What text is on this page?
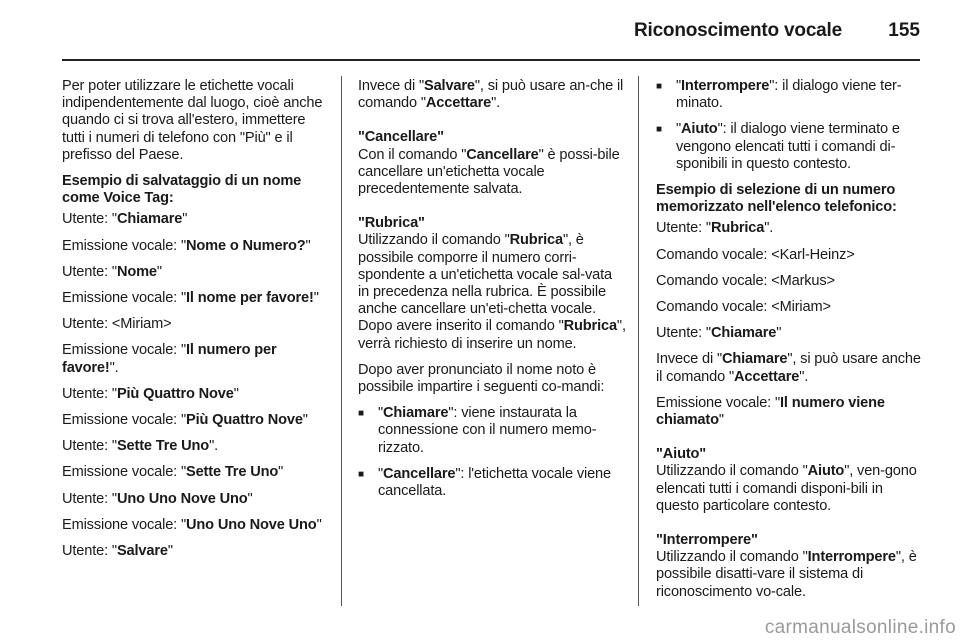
Riconoscimento vocale	155

Per poter utilizzare le etichette vocali indipendentemente dal luogo, cioè anche quando ci si trova all'estero, immettere tutti i numeri di telefono con "Più" e il prefisso del Paese.

Esempio di salvataggio di un nome come Voice Tag:

Utente: "Chiamare"

Emissione vocale: "Nome o Numero?"

Utente: "Nome"

Emissione vocale: "Il nome per favore!"

Utente: <Miriam>

Emissione vocale: "Il numero per favore!".

Utente: "Più Quattro Nove"

Emissione vocale: "Più Quattro Nove"

Utente: "Sette Tre Uno".

Emissione vocale: "Sette Tre Uno"

Utente: "Uno Uno Nove Uno"

Emissione vocale: "Uno Uno Nove Uno"

Utente: "Salvare"

Invece di "Salvare", si può usare an-che il comando "Accettare".

"Cancellare"

Con il comando "Cancellare" è possi-bile cancellare un'etichetta vocale precedentemente salvata.

"Rubrica"

Utilizzando il comando "Rubrica", è possibile comporre il numero corri-spondente a un'etichetta vocale sal-vata in precedenza nella rubrica. È possibile anche cancellare un'eti-chetta vocale. Dopo avere inserito il comando "Rubrica", verrà richiesto di inserire un nome.

Dopo aver pronunciato il nome noto è possibile impartire i seguenti co-mandi:

■ "Chiamare": viene instaurata la connessione con il numero memo-rizzato.
■ "Cancellare": l'etichetta vocale viene cancellata.
■ "Interrompere": il dialogo viene ter-minato.
■ "Aiuto": il dialogo viene terminato e vengono elencati tutti i comandi di-sponibili in questo contesto.

Esempio di selezione di un numero memorizzato nell'elenco telefonico:

Utente: "Rubrica".

Comando vocale: <Karl-Heinz>

Comando vocale: <Markus>

Comando vocale: <Miriam>

Utente: "Chiamare"

Invece di "Chiamare", si può usare anche il comando "Accettare".

Emissione vocale: "Il numero viene chiamato"

"Aiuto"

Utilizzando il comando "Aiuto", ven-gono elencati tutti i comandi disponi-bili in questo particolare contesto.

"Interrompere"

Utilizzando il comando "Interrompere", è possibile disatti-vare il sistema di riconoscimento vo-cale.

carmanualsonline.info
